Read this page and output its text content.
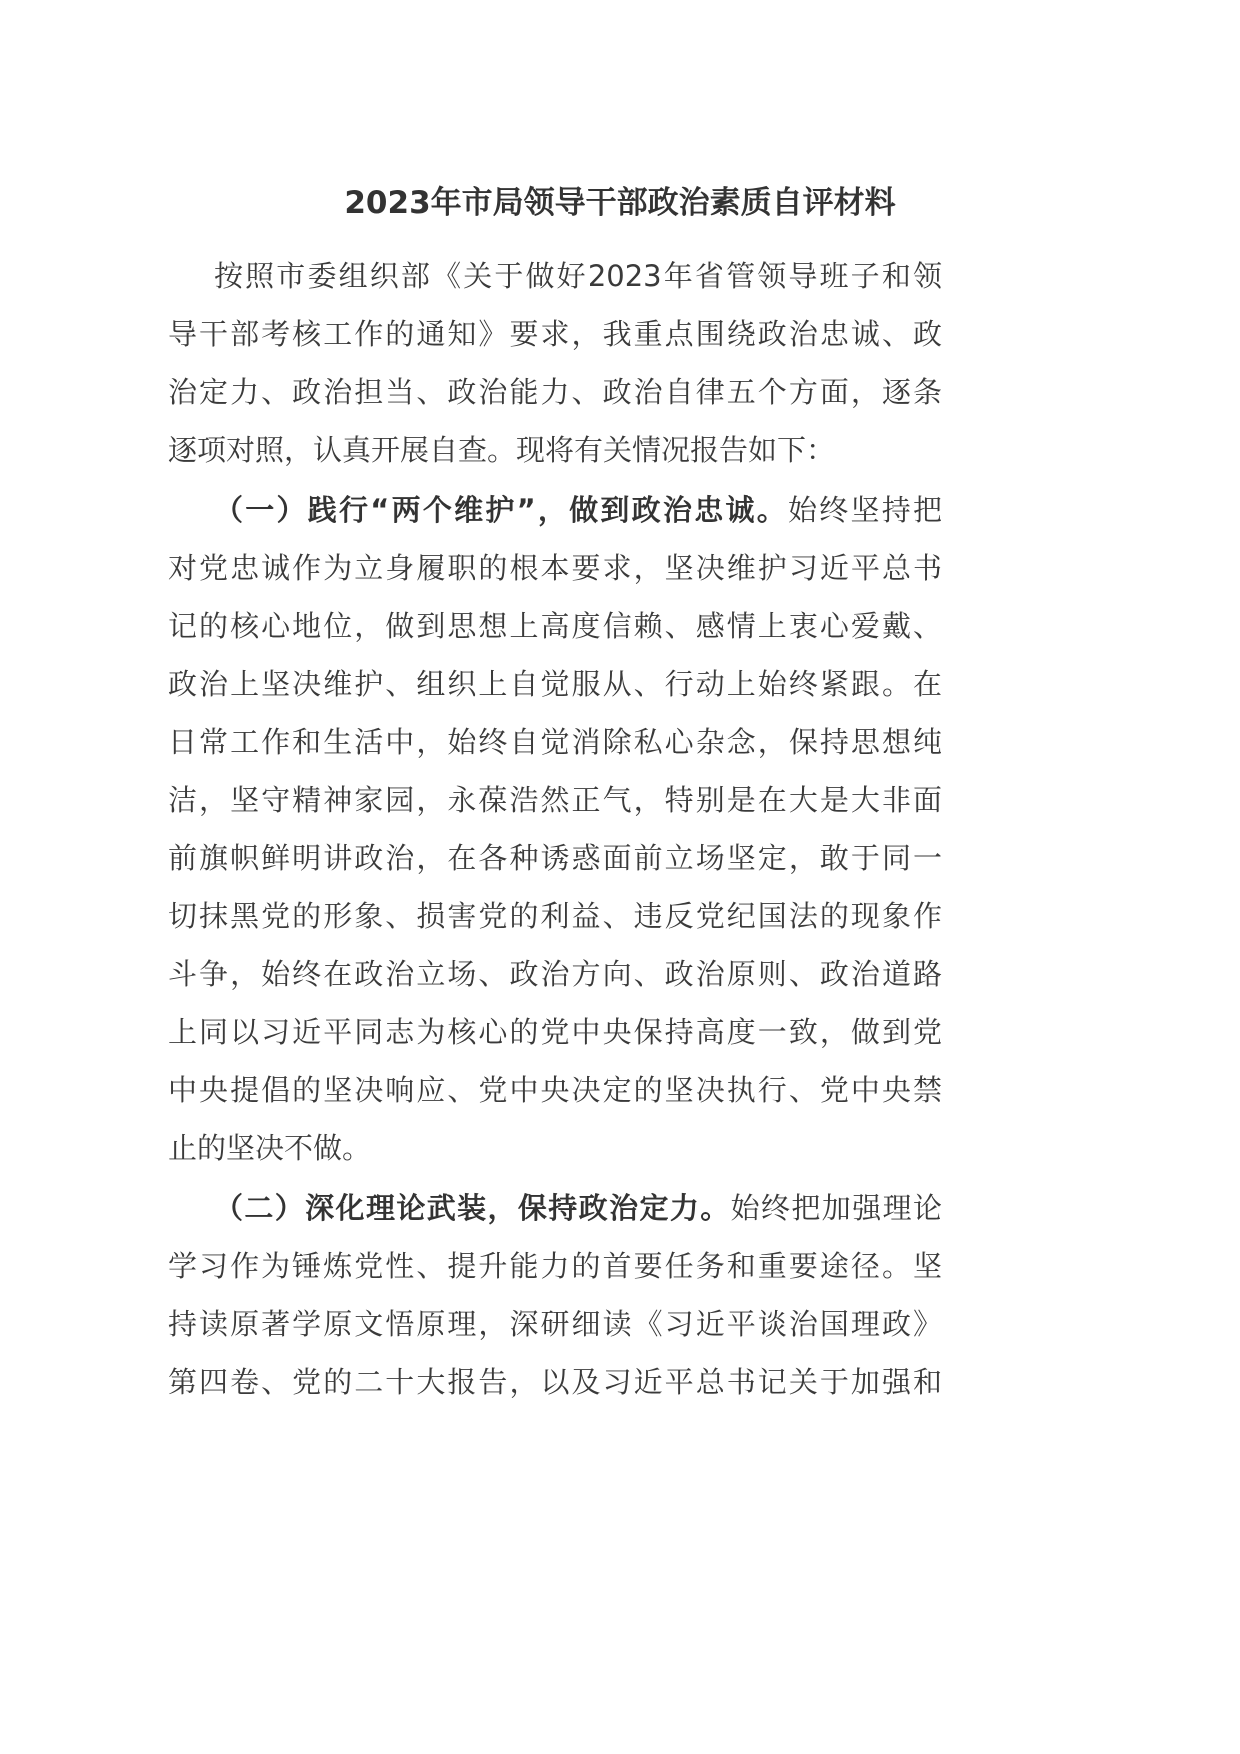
2023年市局领导干部政治素质自评材料
按照市委组织部《关于做好2023年省管领导班子和领
导干部考核工作的通知》要求，我重点围绕政治忠诚、政
治定力、政治担当、政治能力、政治自律五个方面，逐条
逐项对照，认真开展自查。现将有关情况报告如下：
（一）践行“两个维护”，做到政治忠诚。始终坚持把
对党忠诚作为立身履职的根本要求，坚决维护习近平总书
记的核心地位，做到思想上高度信赖、感情上衷心爱戴、
政治上坚决维护、组织上自觉服从、行动上始终紧跟。在
日常工作和生活中，始终自觉消除私心杂念，保持思想纯
洁，坚守精神家园，永葆浩然正气，特别是在大是大非面
前旗帜鲜明讲政治，在各种诱惑面前立场坚定，敢于同一
切抹黑党的形象、损害党的利益、违反党纪国法的现象作
斗争，始终在政治立场、政治方向、政治原则、政治道路
上同以习近平同志为核心的党中央保持高度一致，做到党
中央提倡的坚决响应、党中央决定的坚决执行、党中央禁
止的坚决不做。
（二）深化理论武装，保持政治定力。始终把加强理论
学习作为锤炼党性、提升能力的首要任务和重要途径。坚
持读原著学原文悟原理，深研细读《习近平谈治国理政》
第四卷、党的二十大报告，以及习近平总书记关于加强和
